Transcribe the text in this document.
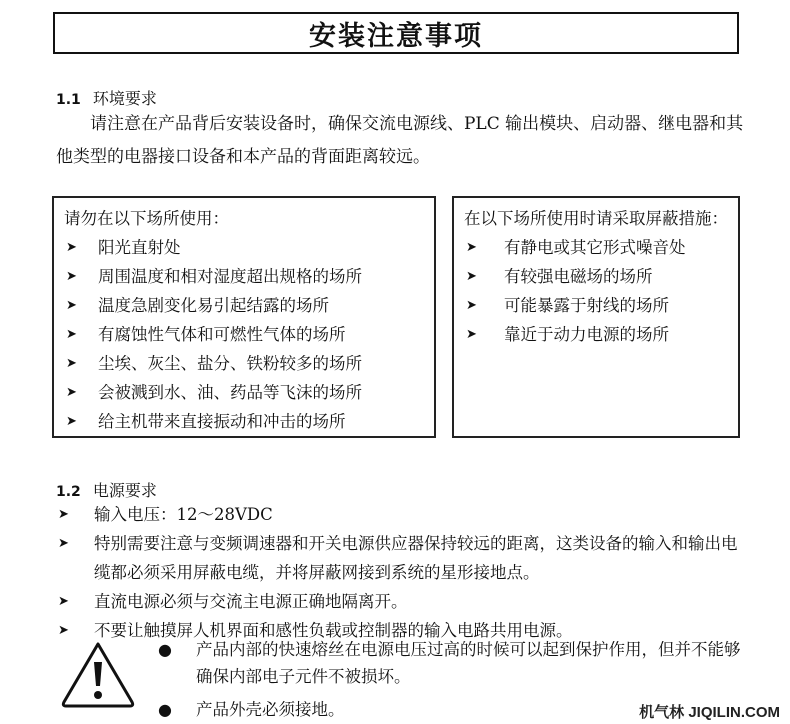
安装注意事项
1.1 环境要求

请注意在产品背后安装设备时，确保交流电源线、PLC 输出模块、启动器、继电器和其他类型的电器接口设备和本产品的背面距离较远。

请勿在以下场所使用：

➤ 阳光直射处
➤ 周围温度和相对湿度超出规格的场所
➤ 温度急剧变化易引起结露的场所
➤ 有腐蚀性气体和可燃性气体的场所
➤ 尘埃、灰尘、盐分、铁粉较多的场所
➤ 会被溅到水、油、药品等飞沫的场所
➤ 给主机带来直接振动和冲击的场所

在以下场所使用时请采取屏蔽措施：

➤ 有静电或其它形式噪音处
➤ 有较强电磁场的场所
➤ 可能暴露于射线的场所
➤ 靠近于动力电源的场所
1.2 电源要求
➤ 输入电压：12～28VDC
➤ 特别需要注意与变频调速器和开关电源供应器保持较远的距离，这类设备的输入和输出电缆都必须采用屏蔽电缆，并将屏蔽网接到系统的星形接地点。
➤ 直流电源必须与交流主电源正确地隔离开。
➤ 不要让触摸屏人机界面和感性负载或控制器的输入电路共用电源。
● 产品内部的快速熔丝在电源电压过高的时候可以起到保护作用，但并不能够确保内部电子元件不被损坏。
● 产品外壳必须接地。	机气林 JIQILIN.COM
